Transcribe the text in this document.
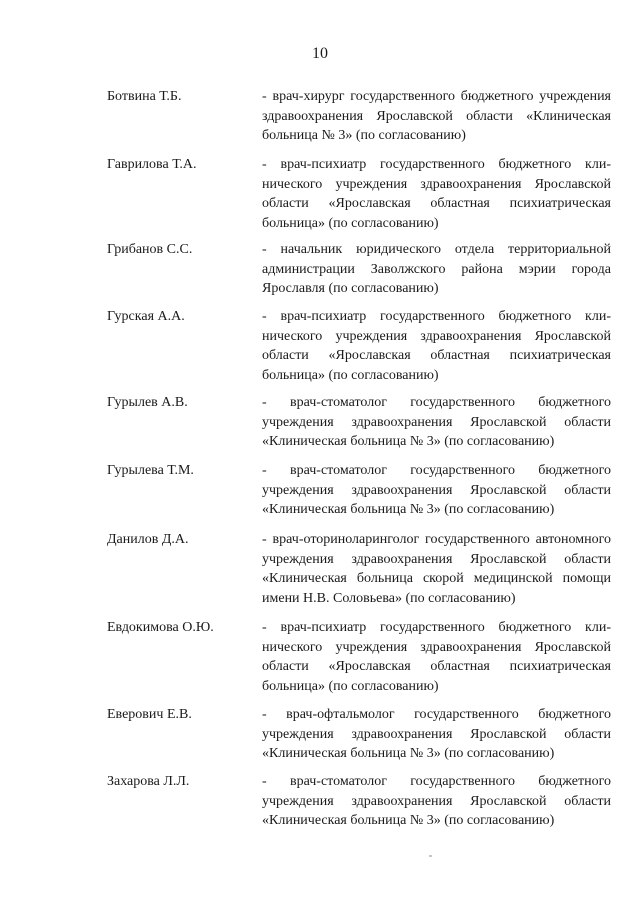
10
Ботвина Т.Б.	- врач-хирург государственного бюджетного учреждения здравоохранения Ярославской области «Клиническая больница № 3» (по согласованию)
Гаврилова Т.А.	- врач-психиатр государственного бюджетного клинического учреждения здравоохранения Ярославской области «Ярославская областная психиатрическая больница» (по согласованию)
Грибанов С.С.	- начальник юридического отдела территориальной администрации Заволжского района мэрии города Ярославля (по согласованию)
Гурская А.А.	- врач-психиатр государственного бюджетного клинического учреждения здравоохранения Ярославской области «Ярославская областная психиатрическая больница» (по согласованию)
Гурылев А.В.	- врач-стоматолог государственного бюджетного учреждения здравоохранения Ярославской области «Клиническая больница № 3» (по согласованию)
Гурылева Т.М.	- врач-стоматолог государственного бюджетного учреждения здравоохранения Ярославской области «Клиническая больница № 3» (по согласованию)
Данилов Д.А.	- врач-оториноларинголог государственного автономного учреждения здравоохранения Ярославской области «Клиническая больница скорой медицинской помощи имени Н.В. Соловьева» (по согласованию)
Евдокимова О.Ю.	- врач-психиатр государственного бюджетного клинического учреждения здравоохранения Ярославской области «Ярославская областная психиатрическая больница» (по согласованию)
Еверович Е.В.	- врач-офтальмолог государственного бюджетного учреждения здравоохранения Ярославской области «Клиническая больница № 3» (по согласованию)
Захарова Л.Л.	- врач-стоматолог государственного бюджетного учреждения здравоохранения Ярославской области «Клиническая больница № 3» (по согласованию)
